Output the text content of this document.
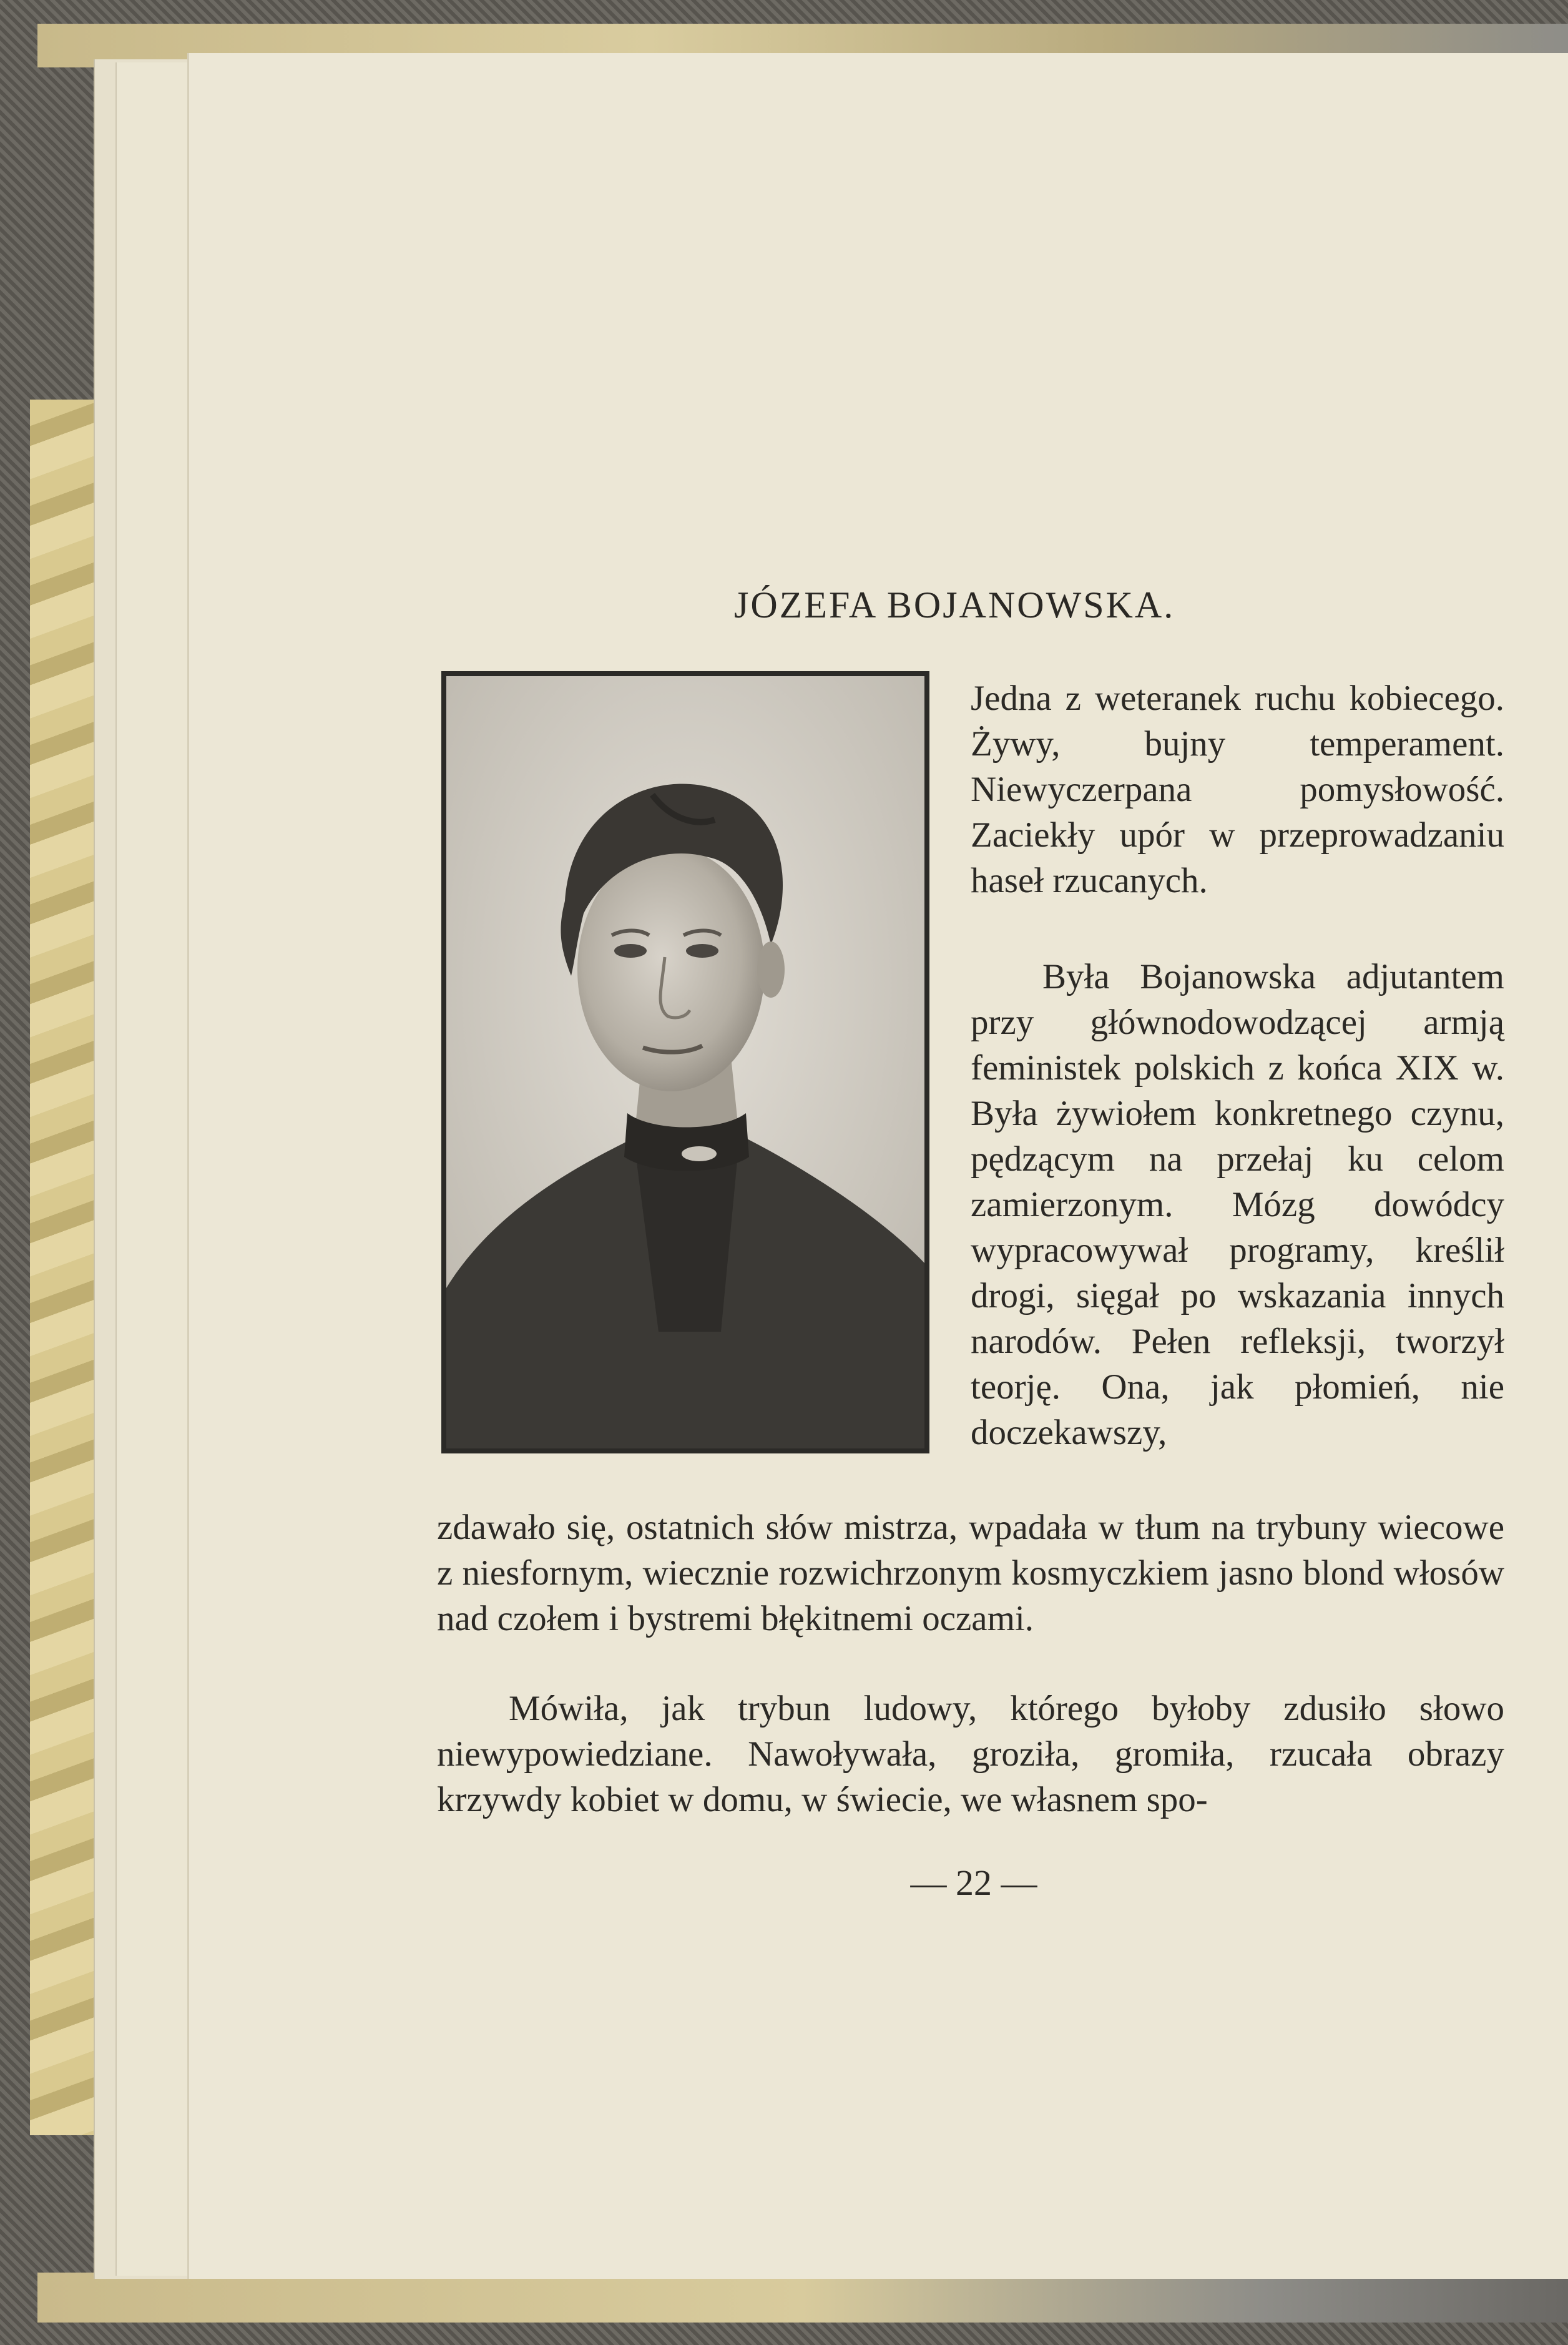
JÓZEFA BOJANOWSKA.
Jedna z weteranek ruchu kobiecego. Żywy, bujny temperament. Niewyczerpana pomysłowość. Zaciekły upór w przeprowadzaniu haseł rzucanych.
Była Bojanowska adjutantem przy głównodowodzącej armją feministek polskich z końca XIX w. Była żywiołem konkretnego czynu, pędzącym na przełaj ku celom zamierzonym. Mózg dowódcy wypracowywał programy, kreślił drogi, sięgał po wskazania innych narodów. Pełen refleksji, tworzył teorję. Ona, jak płomień, nie doczekawszy,
zdawało się, ostatnich słów mistrza, wpadała w tłum na trybuny wiecowe z niesfornym, wiecznie rozwichrzonym kosmyczkiem jasno blond włosów nad czołem i bystremi błękitnemi oczami.
Mówiła, jak trybun ludowy, którego byłoby zdusiło słowo niewypowiedziane. Nawoływała, groziła, gromiła, rzucała obrazy krzywdy kobiet w domu, w świecie, we własnem spo-
— 22 —
